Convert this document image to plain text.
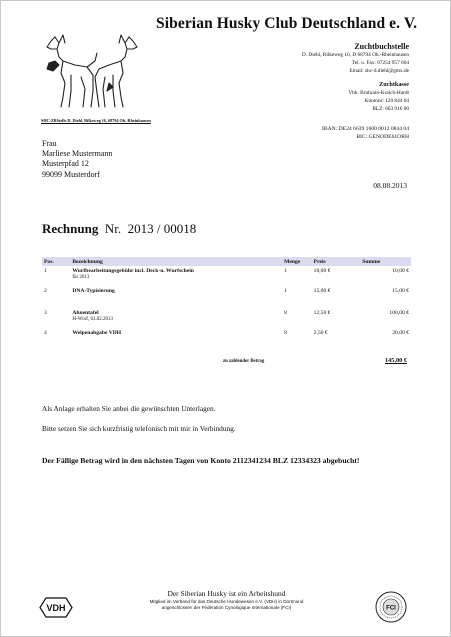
Siberian Husky Club Deutschland e. V.
Zuchtbuchstelle
D. Diehl, Rilkeweg 16, D 68794 Oh.-Rheinhausen
Tel. u. Fax: 07254 957 604
Email: shc-d.diehl@gmx.de
Zuchtkasse
Vbk. Bruhrain-Kraich-Hardt
Kontonr: 120 844 04
BLZ: 663 916 00
SHC-ZBStelle D. Diehl, Rilkeweg 16, 68794 Oh.-Rheinhausen
IBAN: DE24 6639 1600 0012 0844 04
BIC: GENODE61ORH
Frau
Marliese Mustermann
Musterpfad 12
99099 Musterdorf
08.08.2013
Rechnung Nr. 2013 / 00018
Pos.	Bezeichnung	Menge	Preis	Summe
1	Wurfbearbeitungsgebühr incl. Deck-u. Wurfschein
für 2013	1	10,00 €	10,00 €
2	DNA-Typisierung	1	15,00 €	15,00 €
3	Ahnentafel
H-Wurf, 03.02.2013	8	12,50 €	100,00 €
4	Welpenabgabe VDH	8	2,50 €	20,00 €
zu zahlender Betrag	145,00 €
Als Anlage erhalten Sie anbei die gewünschten Unterlagen.
Bitte setzen Sie sich kurzfristig telefonisch mit mir in Verbindung.
Der Fällige Betrag wird in den nächsten Tagen von Konto 2112341234 BLZ 12334323 abgebucht!
VDH
Der Siberian Husky ist ein Arbeitshund
Mitglied im Verband für das Deutsche Hundewesen e.V. (VDH) in Dortmund
angeschlossen der Fédération Cynologique Internationale (FCI)	FCI
